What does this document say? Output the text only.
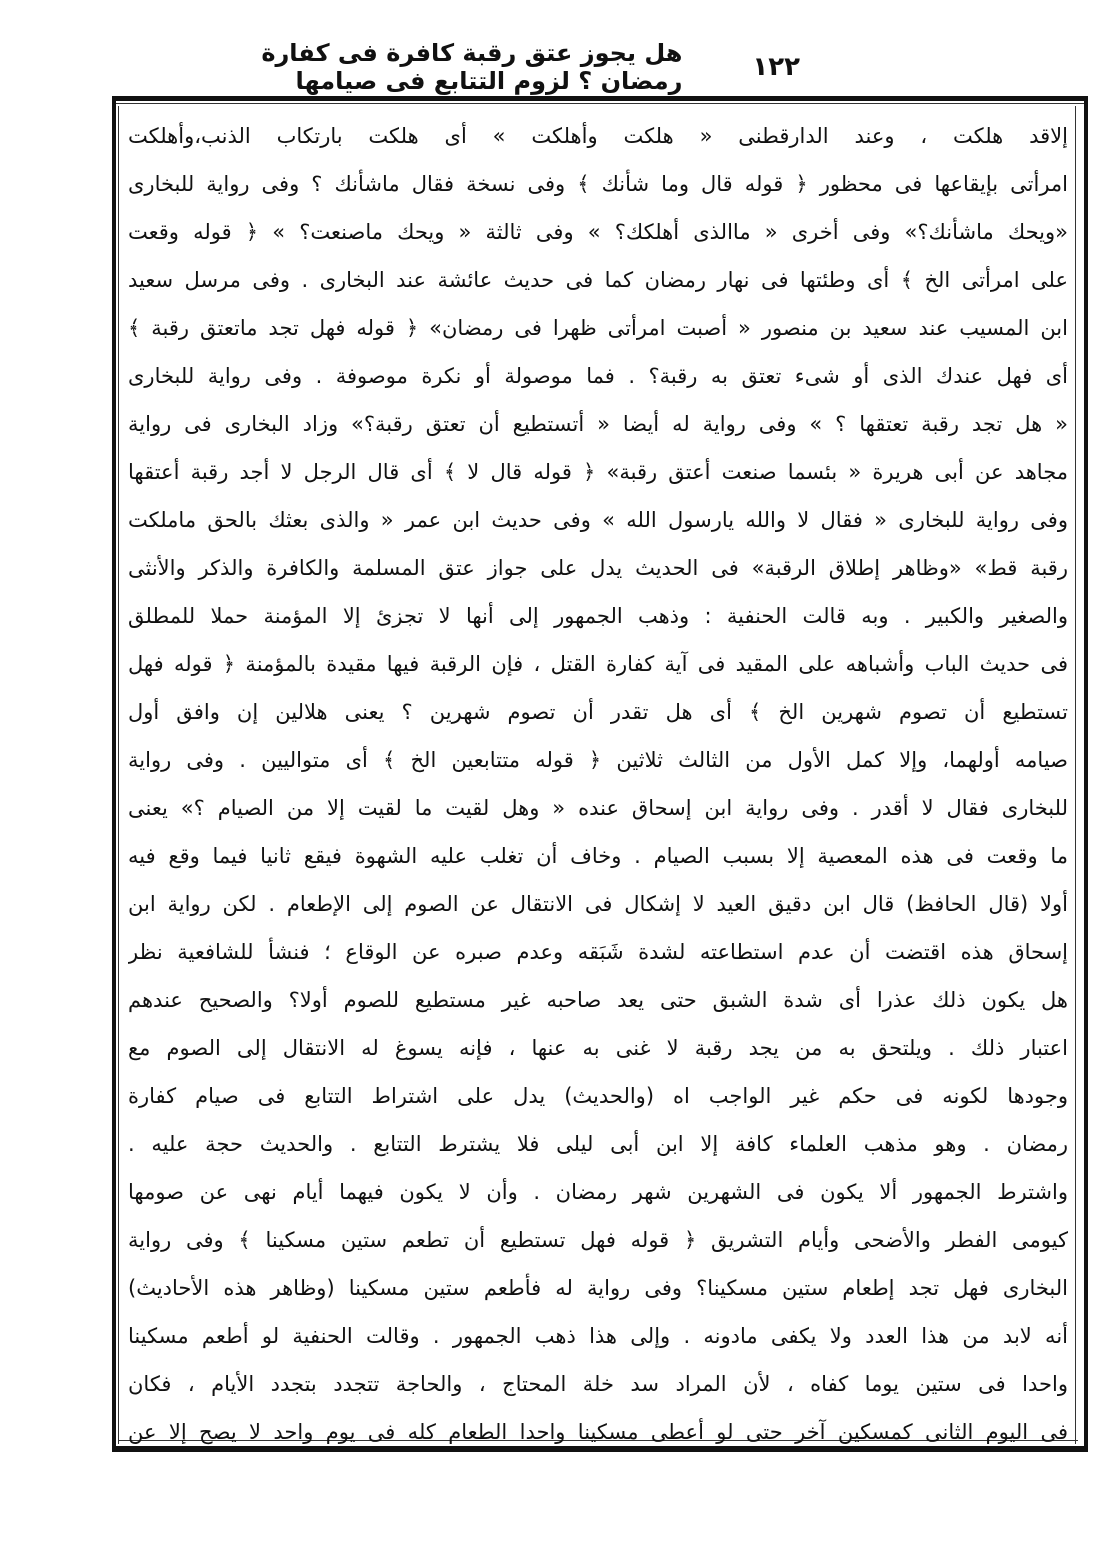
١٢٢
هل يجوز عتق رقبة كافرة فى كفارة رمضان ؟ لزوم التتابع فى صيامها
إلاقد هلكت ، وعند الدارقطنى « هلكت وأهلكت » أى هلكت بارتكاب الذنب،وأهلكت
امرأتى بإيقاعها فى محظور ﴿ قوله قال وما شأنك ﴾ وفى نسخة فقال ماشأنك ؟ وفى رواية للبخارى
«ويحك ماشأنك؟» وفى أخرى « ماالذى أهلكك؟ » وفى ثالثة « ويحك ماصنعت؟ » ﴿ قوله وقعت
على امرأتى الخ ﴾ أى وطئتها فى نهار رمضان كما فى حديث عائشة عند البخارى . وفى مرسل سعيد
ابن المسيب عند سعيد بن منصور « أصبت امرأتى ظهرا فى رمضان» ﴿ قوله فهل تجد ماتعتق رقبة ﴾
أى فهل عندك الذى أو شىء تعتق به رقبة؟ . فما موصولة أو نكرة موصوفة . وفى رواية للبخارى
« هل تجد رقبة تعتقها ؟ » وفى رواية له أيضا « أتستطيع أن تعتق رقبة؟» وزاد البخارى فى رواية
مجاهد عن أبى هريرة « بئسما صنعت أعتق رقبة» ﴿ قوله قال لا ﴾ أى قال الرجل لا أجد رقبة أعتقها
وفى رواية للبخارى « فقال لا والله يارسول الله » وفى حديث ابن عمر « والذى بعثك بالحق ماملكت
رقبة قط» «وظاهر إطلاق الرقبة» فى الحديث يدل على جواز عتق المسلمة والكافرة والذكر والأنثى
والصغير والكبير . وبه قالت الحنفية : وذهب الجمهور إلى أنها لا تجزئ إلا المؤمنة حملا للمطلق
فى حديث الباب وأشباهه على المقيد فى آية كفارة القتل ، فإن الرقبة فيها مقيدة بالمؤمنة ﴿ قوله فهل
تستطيع أن تصوم شهرين الخ ﴾ أى هل تقدر أن تصوم شهرين ؟ يعنى هلالين إن وافق أول
صيامه أولهما، وإلا كمل الأول من الثالث ثلاثين ﴿ قوله متتابعين الخ ﴾ أى متواليين . وفى رواية
للبخارى فقال لا أقدر . وفى رواية ابن إسحاق عنده « وهل لقيت ما لقيت إلا من الصيام ؟» يعنى
ما وقعت فى هذه المعصية إلا بسبب الصيام . وخاف أن تغلب عليه الشهوة فيقع ثانيا فيما وقع فيه
أولا (قال الحافظ) قال ابن دقيق العيد لا إشكال فى الانتقال عن الصوم إلى الإطعام . لكن رواية ابن
إسحاق هذه اقتضت أن عدم استطاعته لشدة شَبَقه وعدم صبره عن الوقاع ؛ فنشأ للشافعية نظر
هل يكون ذلك عذرا أى شدة الشبق حتى يعد صاحبه غير مستطيع للصوم أولا؟ والصحيح عندهم
اعتبار ذلك . ويلتحق به من يجد رقبة لا غنى به عنها ، فإنه يسوغ له الانتقال إلى الصوم مع
وجودها لكونه فى حكم غير الواجب اه (والحديث) يدل على اشتراط التتابع فى صيام كفارة
رمضان . وهو مذهب العلماء كافة إلا ابن أبى ليلى فلا يشترط التتابع . والحديث حجة عليه .
واشترط الجمهور ألا يكون فى الشهرين شهر رمضان . وأن لا يكون فيهما أيام نهى عن صومها
كيومى الفطر والأضحى وأيام التشريق ﴿ قوله فهل تستطيع أن تطعم ستين مسكينا ﴾ وفى رواية
البخارى فهل تجد إطعام ستين مسكينا؟ وفى رواية له فأطعم ستين مسكينا (وظاهر هذه الأحاديث)
أنه لابد من هذا العدد ولا يكفى مادونه . وإلى هذا ذهب الجمهور . وقالت الحنفية لو أطعم مسكينا
واحدا فى ستين يوما كفاه ، لأن المراد سد خلة المحتاج ، والحاجة تتجدد بتجدد الأيام ، فكان
فى اليوم الثانى كمسكين آخر حتى لو أعطى مسكينا واحدا الطعام كله فى يوم واحد لا يصح إلا عن
